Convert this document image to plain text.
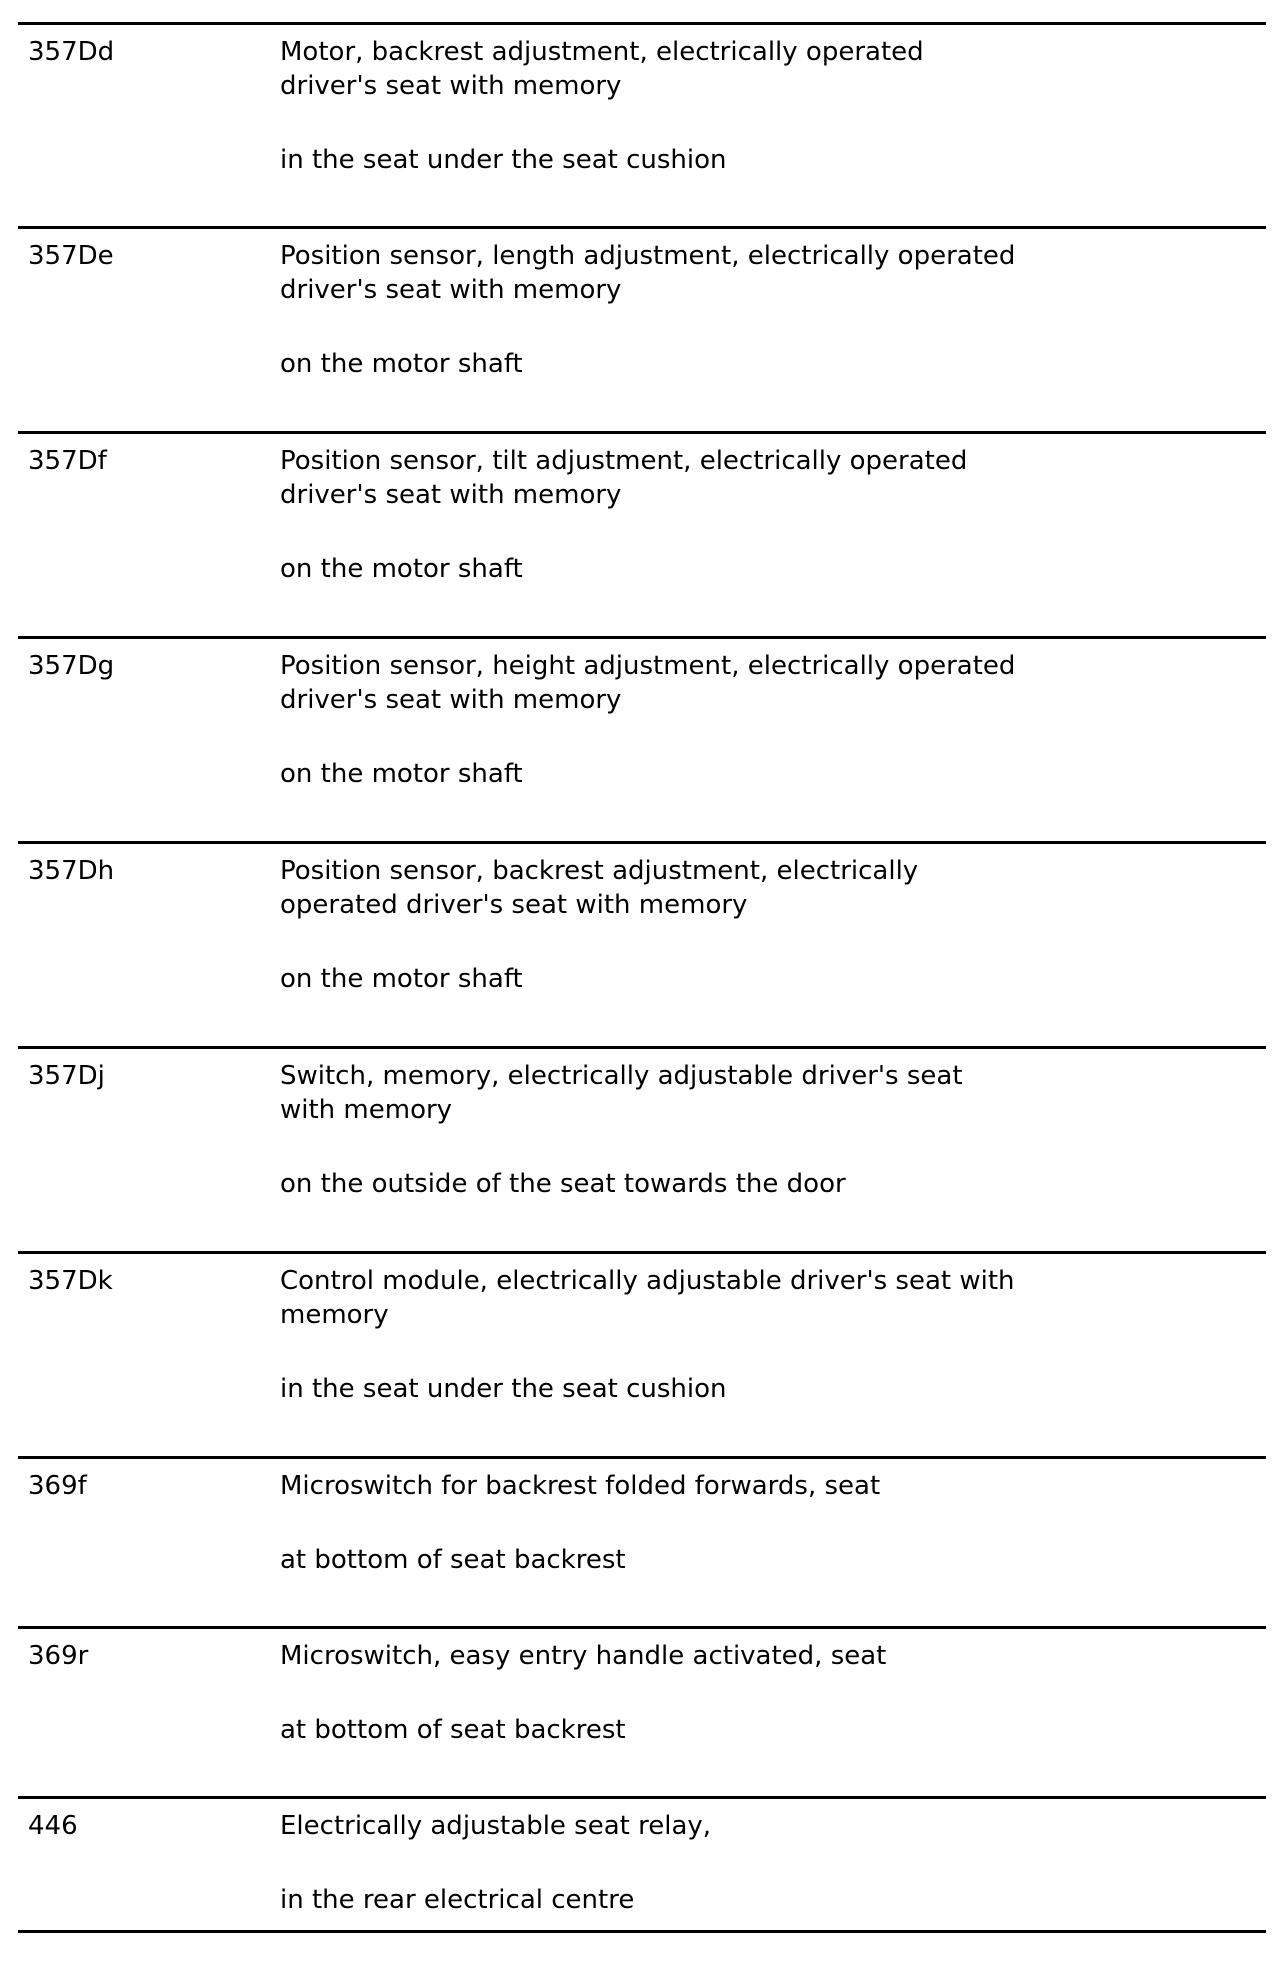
357Dd	Motor, backrest adjustment, electrically operated
driver's seat with memory
in the seat under the seat cushion
357De	Position sensor, length adjustment, electrically operated
driver's seat with memory
on the motor shaft
357Df	Position sensor, tilt adjustment, electrically operated
driver's seat with memory
on the motor shaft
357Dg	Position sensor, height adjustment, electrically operated
driver's seat with memory
on the motor shaft
357Dh	Position sensor, backrest adjustment, electrically
operated driver's seat with memory
on the motor shaft
357Dj	Switch, memory, electrically adjustable driver's seat
with memory
on the outside of the seat towards the door
357Dk	Control module, electrically adjustable driver's seat with
memory
in the seat under the seat cushion
369f	Microswitch for backrest folded forwards, seat
at bottom of seat backrest
369r	Microswitch, easy entry handle activated, seat
at bottom of seat backrest
446	Electrically adjustable seat relay,
in the rear electrical centre
